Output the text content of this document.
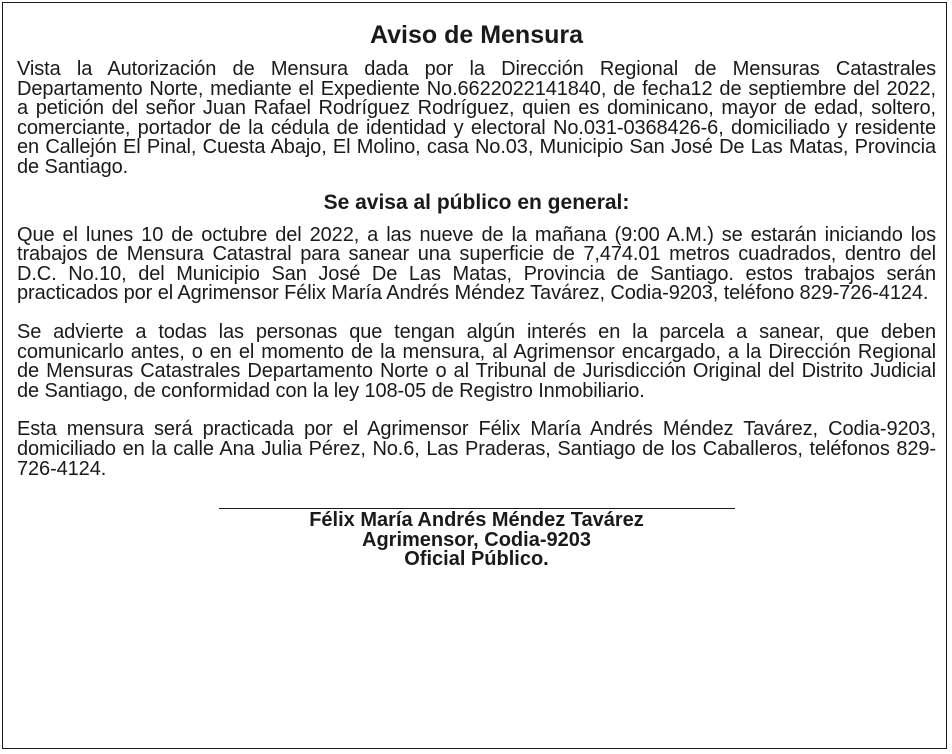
Aviso de Mensura

Vista la Autorización de Mensura dada por la Dirección Regional de Mensuras Catastrales Departamento Norte, mediante el Expediente No.6622022141840, de fecha12 de septiembre del 2022, a petición del señor Juan Rafael Rodríguez Rodríguez, quien es dominicano, mayor de edad, soltero, comerciante, portador de la cédula de identidad y electoral No.031-0368426-6, domiciliado y residente en Callejón El Pinal, Cuesta Abajo, El Molino, casa No.03, Municipio San José De Las Matas, Provincia de Santiago.

Se avisa al público en general:

Que el lunes 10 de octubre del 2022, a las nueve de la mañana (9:00 A.M.) se estarán iniciando los trabajos de Mensura Catastral para sanear una superficie de 7,474.01 metros cuadrados, dentro del D.C. No.10, del Municipio San José De Las Matas, Provincia de Santiago. estos trabajos serán practicados por el Agrimensor Félix María Andrés Méndez Tavárez, Codia-9203, teléfono 829-726-4124.

Se advierte a todas las personas que tengan algún interés en la parcela a sanear, que deben comunicarlo antes, o en el momento de la mensura, al Agrimensor encargado, a la Dirección Regional de Mensuras Catastrales Departamento Norte o al Tribunal de Jurisdicción Original del Distrito Judicial de Santiago, de conformidad con la ley 108-05 de Registro Inmobiliario.

Esta mensura será practicada por el Agrimensor Félix María Andrés Méndez Tavárez, Codia-9203, domiciliado en la calle Ana Julia Pérez, No.6, Las Praderas, Santiago de los Caballeros, teléfonos 829-726-4124.

Félix María Andrés Méndez Tavárez
Agrimensor, Codia-9203
Oficial Público.
